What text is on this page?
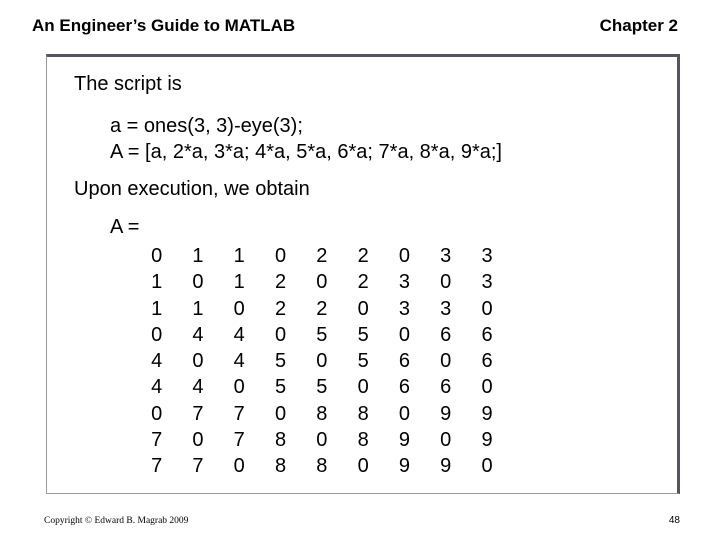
An Engineer’s Guide to MATLAB	Chapter 2
The script is
a = ones(3, 3)-eye(3);
A = [a, 2*a, 3*a; 4*a, 5*a, 6*a; 7*a, 8*a, 9*a;]
Upon execution, we obtain
A =
0	1	1	0	2	2	0	3	3
1	0	1	2	0	2	3	0	3
1	1	0	2	2	0	3	3	0
0	4	4	0	5	5	0	6	6
4	0	4	5	0	5	6	0	6
4	4	0	5	5	0	6	6	0
0	7	7	0	8	8	0	9	9
7	0	7	8	0	8	9	0	9
7	7	0	8	8	0	9	9	0
Copyright © Edward B. Magrab 2009	48
